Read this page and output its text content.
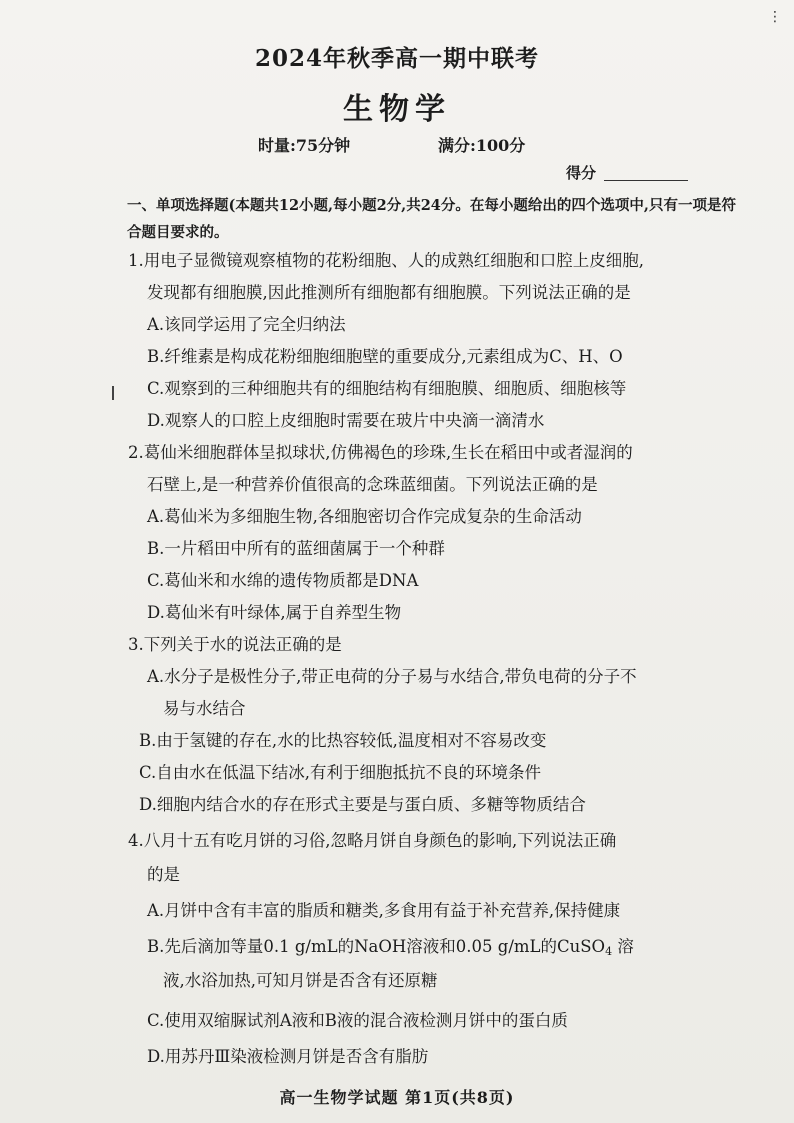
⋮
2024年秋季高一期中联考
生物学
时量:75分钟	满分:100分
得分
一、单项选择题(本题共12小题,每小题2分,共24分。在每小题给出的四个选项中,只有一项是符合题目要求的。
1.用电子显微镜观察植物的花粉细胞、人的成熟红细胞和口腔上皮细胞,
发现都有细胞膜,因此推测所有细胞都有细胞膜。下列说法正确的是
A.该同学运用了完全归纳法
B.纤维素是构成花粉细胞细胞壁的重要成分,元素组成为C、H、O
C.观察到的三种细胞共有的细胞结构有细胞膜、细胞质、细胞核等
D.观察人的口腔上皮细胞时需要在玻片中央滴一滴清水
2.葛仙米细胞群体呈拟球状,仿佛褐色的珍珠,生长在稻田中或者湿润的
石壁上,是一种营养价值很高的念珠蓝细菌。下列说法正确的是
A.葛仙米为多细胞生物,各细胞密切合作完成复杂的生命活动
B.一片稻田中所有的蓝细菌属于一个种群
C.葛仙米和水绵的遗传物质都是DNA
D.葛仙米有叶绿体,属于自养型生物
3.下列关于水的说法正确的是
A.水分子是极性分子,带正电荷的分子易与水结合,带负电荷的分子不
易与水结合
B.由于氢键的存在,水的比热容较低,温度相对不容易改变
C.自由水在低温下结冰,有利于细胞抵抗不良的环境条件
D.细胞内结合水的存在形式主要是与蛋白质、多糖等物质结合
4.八月十五有吃月饼的习俗,忽略月饼自身颜色的影响,下列说法正确
的是
A.月饼中含有丰富的脂质和糖类,多食用有益于补充营养,保持健康
B.先后滴加等量0.1 g/mL的NaOH溶液和0.05 g/mL的CuSO$_4$ 溶
液,水浴加热,可知月饼是否含有还原糖
C.使用双缩脲试剂A液和B液的混合液检测月饼中的蛋白质
D.用苏丹Ⅲ染液检测月饼是否含有脂肪
高一生物学试题 第1页(共8页)
